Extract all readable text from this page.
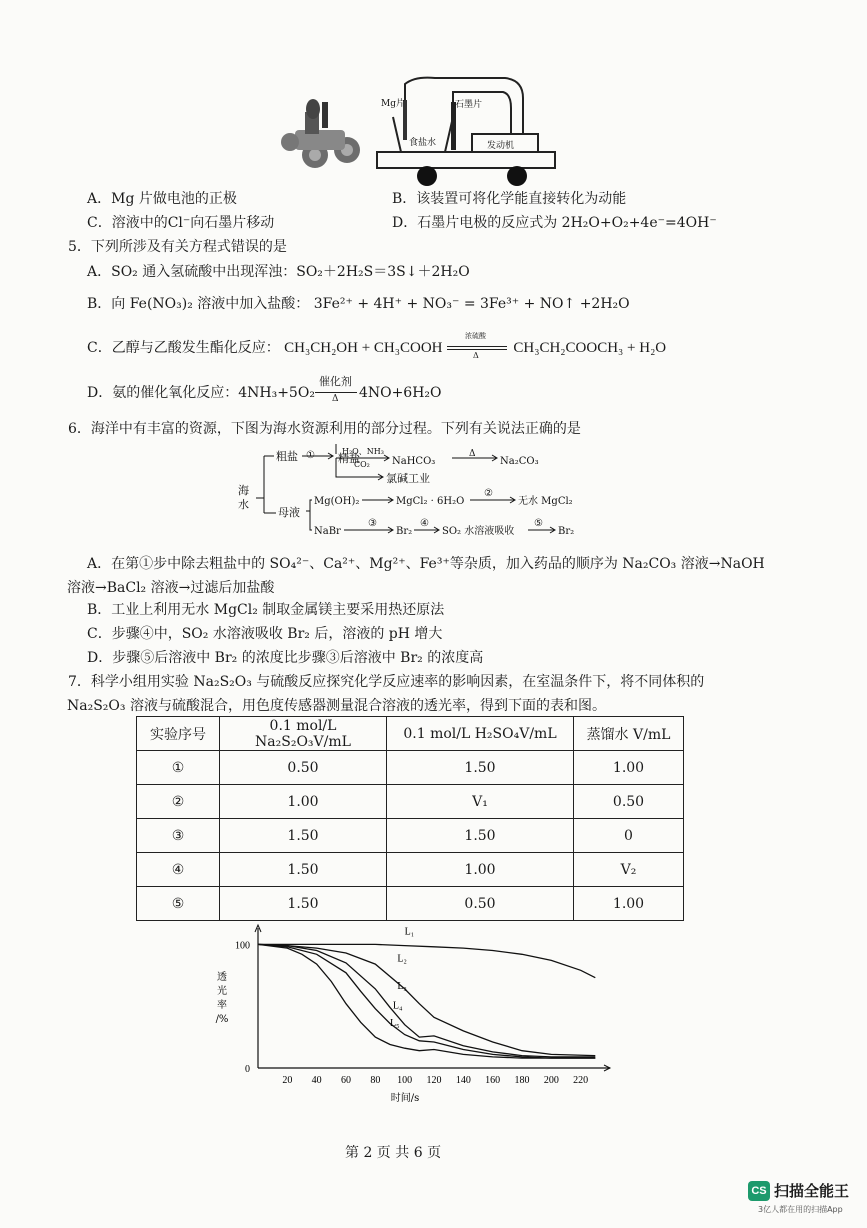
Mg片	石墨片
食盐水	发动机
A．Mg 片做电池的正极	B．该装置可将化学能直接转化为动能
C．溶液中的Cl⁻向石墨片移动	D．石墨片电极的反应式为 2H₂O+O₂+4e⁻=4OH⁻
5．下列所涉及有关方程式错误的是
A．SO₂ 通入氢硫酸中出现浑浊：SO₂＋2H₂S＝3S↓＋2H₂O
B．向 Fe(NO₃)₂ 溶液中加入盐酸： 3Fe²⁺ + 4H⁺ + NO₃⁻ = 3Fe³⁺ + NO↑ +2H₂O
C．乙醇与乙酸发生酯化反应： CH₃CH₂OH + CH₃COOH
浓硫酸
Δ CH₃CH₂COOCH₃ + H₂O
D．氨的催化氧化反应：4NH₃+5O₂
催化剂
Δ 4NO+6H₂O
6．海洋中有丰富的资源，下图为海水资源利用的部分过程。下列有关说法正确的是
海
水
粗盐 ① 精盐
H₂O、NH₃
CO₂ NaHCO₃
Δ
Na₂CO₃
氯碱工业
母液
Mg(OH)₂	MgCl₂ · 6H₂O
②
无水 MgCl₂
NaBr
③
Br₂
④
SO₂ 水溶液吸收
⑤
Br₂
A．在第①步中除去粗盐中的 SO₄²⁻、Ca²⁺、Mg²⁺、Fe³⁺等杂质，加入药品的顺序为 Na₂CO₃ 溶液→NaOH
溶液→BaCl₂ 溶液→过滤后加盐酸
B．工业上利用无水 MgCl₂ 制取金属镁主要采用热还原法
C．步骤④中，SO₂ 水溶液吸收 Br₂ 后，溶液的 pH 增大
D．步骤⑤后溶液中 Br₂ 的浓度比步骤③后溶液中 Br₂ 的浓度高
7．科学小组用实验 Na₂S₂O₃ 与硫酸反应探究化学反应速率的影响因素，在室温条件下，将不同体积的
Na₂S₂O₃ 溶液与硫酸混合，用色度传感器测量混合溶液的透光率，得到下面的表和图。
实验序号	0.1 mol/L Na₂S₂O₃V/mL	0.1 mol/L H₂SO₄V/mL	蒸馏水 V/mL
①	0.50	1.50	1.00
②	1.00	V₁	0.50
③	1.50	1.50	0
④	1.50	1.00	V₂
⑤	1.50	0.50	1.00
20 40 60 80 100 120 140 160 180 200 220
0
100
时间/s
透
光
率
/%
L₁
L₂
L₃
L₄
L₅
第 2 页 共 6 页
CS 扫描全能王
3亿人都在用的扫描App
